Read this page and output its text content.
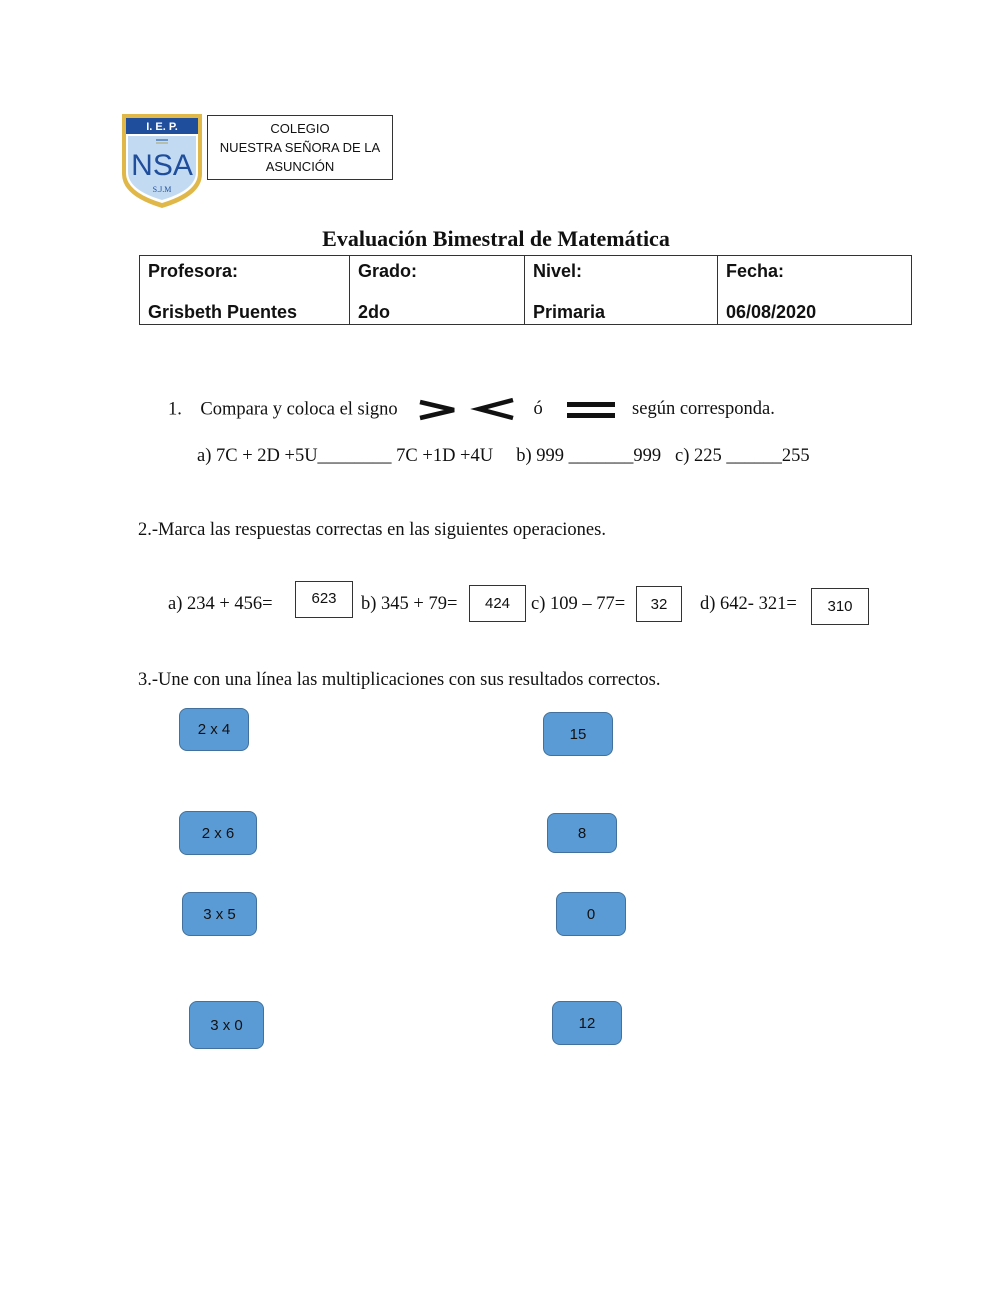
I. E. P.
NSA
S.J.M
COLEGIO
NUESTRA SEÑORA DE LA
ASUNCIÓN
Evaluación Bimestral de Matemática
Profesora:
Grisbeth Puentes

Grado:
2do

Nivel:
Primaria

Fecha:
06/08/2020
1. Compara y coloca el signo	ó	según corresponda.
a) 7C + 2D +5U________ 7C +1D +4U b) 999 _______999 c) 225 ______255
2.-Marca las respuestas correctas en las siguientes operaciones.
a) 234 + 456=	b) 345 + 79=	c) 109 – 77=	d) 642- 321=
623	424	32	310
3.-Une con una línea las multiplicaciones con sus resultados correctos.
2 x 4
2 x 6
3 x 5
3 x 0
15
8
0
12
